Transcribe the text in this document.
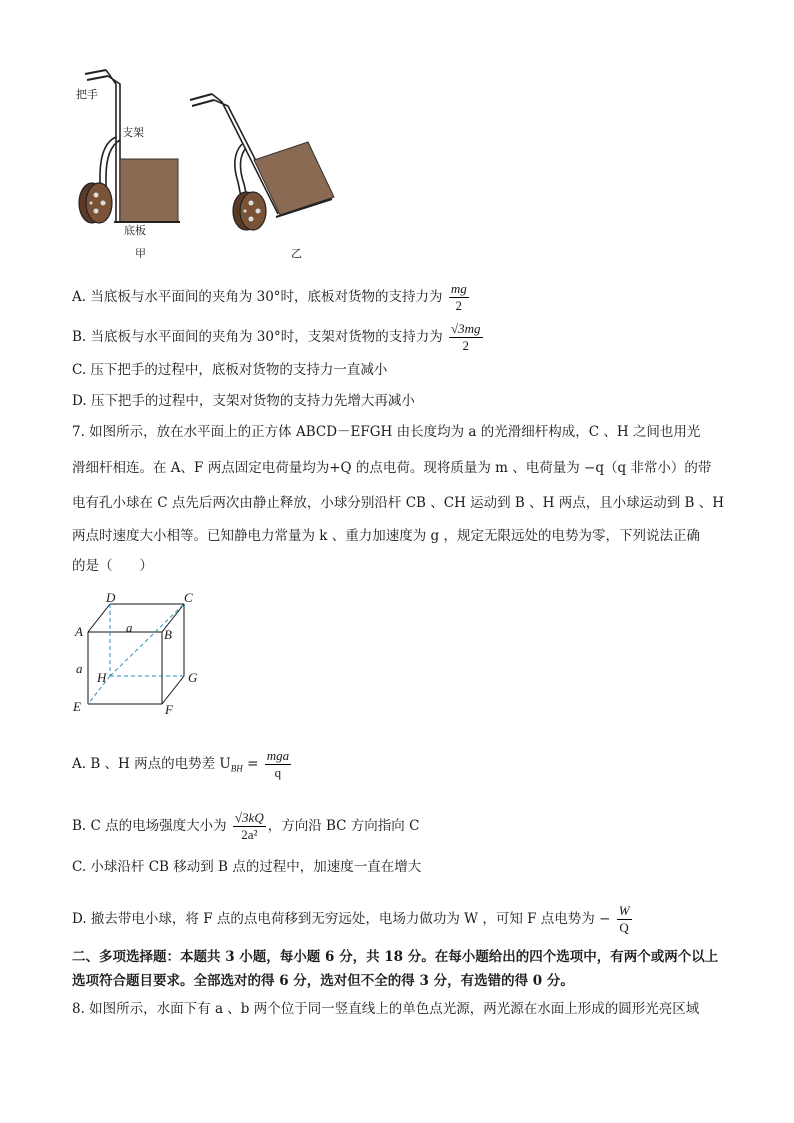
把手
支架
底板
甲	乙
A. 当底板与水平面间的夹角为 30°时，底板对货物的支持力为 $\frac{mg}{2}$
B. 当底板与水平面间的夹角为 30°时，支架对货物的支持力为 $\frac{√3mg}{2}$
C. 压下把手的过程中，底板对货物的支持力一直减小
D. 压下把手的过程中，支架对货物的支持力先增大再减小
7. 如图所示，放在水平面上的正方体 ABCD－EFGH 由长度均为 a 的光滑细杆构成，C 、H 之间也用光
滑细杆相连。在 A、F 两点固定电荷量均为+Q 的点电荷。现将质量为 m 、电荷量为 −q（q 非常小）的带
电有孔小球在 C 点先后两次由静止释放，小球分别沿杆 CB 、CH 运动到 B 、H 两点，且小球运动到 B 、H
两点时速度大小相等。已知静电力常量为 k 、重力加速度为 g ，规定无限远处的电势为零，下列说法正确
的是（　　）
D	C
A	B
a
a
H	G
E	F
A. B 、H 两点的电势差 $U_{BH} = \frac{\text{mga}}{q}$
B. C 点的电场强度大小为 $\frac{√3kQ}{\text{2a²}}$ ，方向沿 BC 方向指向 C
C. 小球沿杆 CB 移动到 B 点的过程中，加速度一直在增大
D. 撤去带电小球，将 F 点的点电荷移到无穷远处，电场力做功为 W ，可知 F 点电势为 − $\frac{W}{Q}$
二、多项选择题：本题共 3 小题，每小题 6 分，共 18 分。在每小题给出的四个选项中，有两个或两个以上
选项符合题目要求。全部选对的得 6 分，选对但不全的得 3 分，有选错的得 0 分。
8. 如图所示，水面下有 a 、b 两个位于同一竖直线上的单色点光源，两光源在水面上形成的圆形光亮区域
